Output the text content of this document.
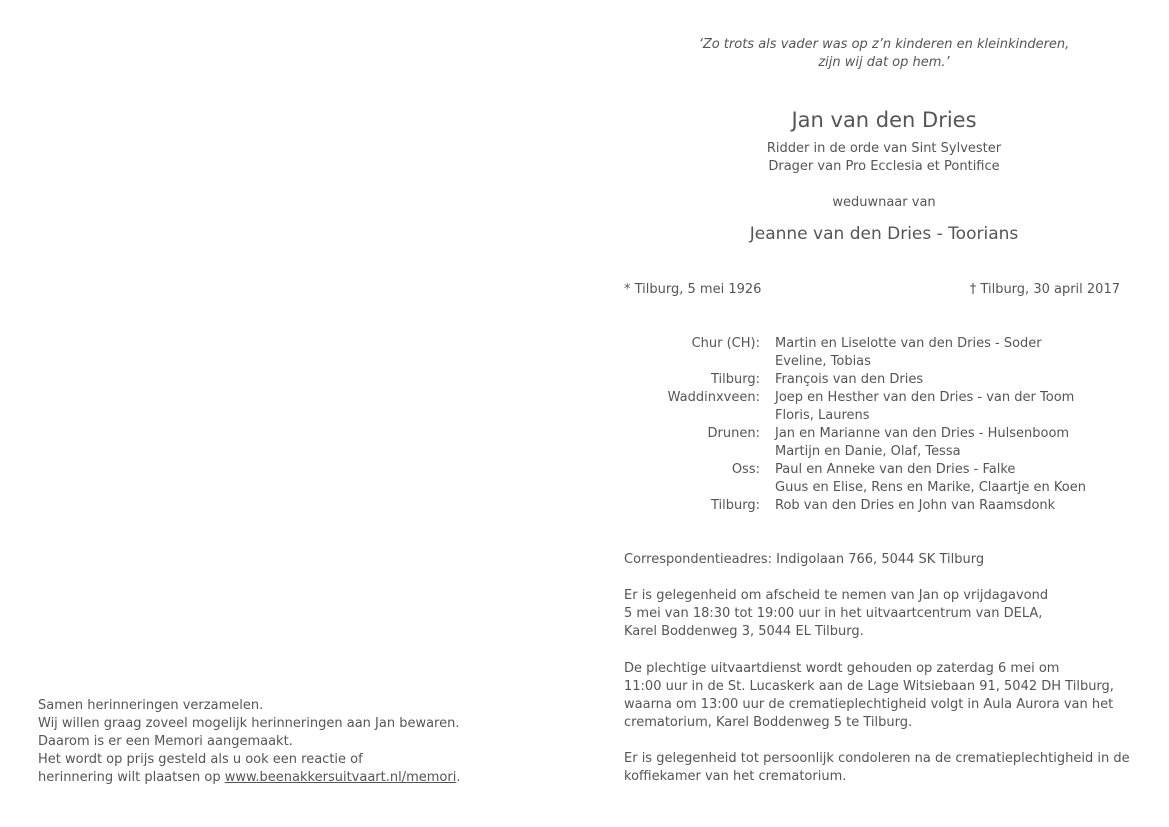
‘Zo trots als vader was op z’n kinderen en kleinkinderen,
zijn wij dat op hem.’
Jan van den Dries
Ridder in de orde van Sint Sylvester
Drager van Pro Ecclesia et Pontifice
weduwnaar van
Jeanne van den Dries - Toorians
* Tilburg, 5 mei 1926	† Tilburg, 30 april 2017
Chur (CH): Martin en Liselotte van den Dries - Soder
Eveline, Tobias
Tilburg: François van den Dries
Waddinxveen: Joep en Hesther van den Dries - van der Toom
Floris, Laurens
Drunen: Jan en Marianne van den Dries - Hulsenboom
Martijn en Danie, Olaf, Tessa
Oss: Paul en Anneke van den Dries - Falke
Guus en Elise, Rens en Marike, Claartje en Koen
Tilburg: Rob van den Dries en John van Raamsdonk
Correspondentieadres: Indigolaan 766, 5044 SK Tilburg
Er is gelegenheid om afscheid te nemen van Jan op vrijdagavond
5 mei van 18:30 tot 19:00 uur in het uitvaartcentrum van DELA,
Karel Boddenweg 3, 5044 EL Tilburg.
De plechtige uitvaartdienst wordt gehouden op zaterdag 6 mei om
11:00 uur in de St. Lucaskerk aan de Lage Witsiebaan 91, 5042 DH Tilburg,
waarna om 13:00 uur de crematieplechtigheid volgt in Aula Aurora van het
crematorium, Karel Boddenweg 5 te Tilburg.
Er is gelegenheid tot persoonlijk condoleren na de crematieplechtigheid in de
koffiekamer van het crematorium.
Samen herinneringen verzamelen.
Wij willen graag zoveel mogelijk herinneringen aan Jan bewaren.
Daarom is er een Memori aangemaakt.
Het wordt op prijs gesteld als u ook een reactie of
herinnering wilt plaatsen op www.beenakkersuitvaart.nl/memori.
